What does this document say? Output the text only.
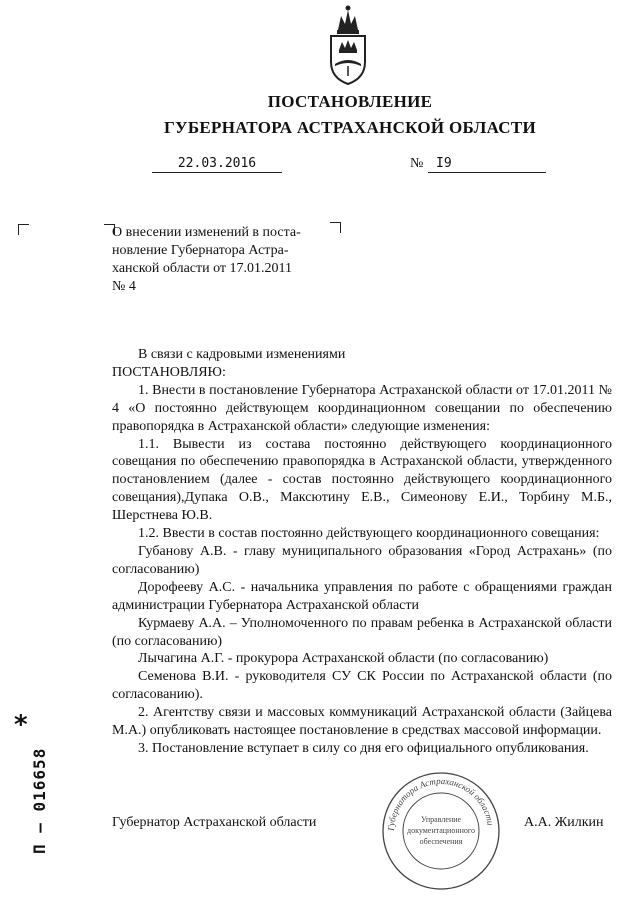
ПОСТАНОВЛЕНИЕ
ГУБЕРНАТОРА АСТРАХАНСКОЙ ОБЛАСТИ
22.03.2016	№ I9
О внесении изменений в поста-
новление Губернатора Астра-
ханской области от 17.01.2011
№ 4

В связи с кадровыми изменениями

ПОСТАНОВЛЯЮ:

1. Внести в постановление Губернатора Астраханской области от 17.01.2011 № 4 «О постоянно действующем координационном совещании по обеспечению правопорядка в Астраханской области» следующие изменения:

1.1. Вывести из состава постоянно действующего координационного совещания по обеспечению правопорядка в Астраханской области, утвержденного постановлением (далее - состав постоянно действующего координационного совещания),Дупака О.В., Максютину Е.В., Симеонову Е.И., Торбину М.Б., Шерстнева Ю.В.

1.2. Ввести в состав постоянно действующего координационного совещания:

Губанову А.В. - главу муниципального образования «Город Астрахань» (по согласованию)

Дорофееву А.С. - начальника управления по работе с обращениями граждан администрации Губернатора Астраханской области

Курмаеву А.А. – Уполномоченного по правам ребенка в Астраханской области (по согласованию)

Лычагина А.Г. - прокурора Астраханской области (по согласованию)

Семенова В.И. - руководителя СУ СК России по Астраханской области (по согласованию).

2. Агентству связи и массовых коммуникаций Астраханской области (Зайцева М.А.) опубликовать настоящее постановление в средствах массовой информации.

3. Постановление вступает в силу со дня его официального опубликования.

Губернатор Астраханской области	А.А. Жилкин
Губернатора Астраханской области
Управление
документационного
обеспечения
*
П – 016658
